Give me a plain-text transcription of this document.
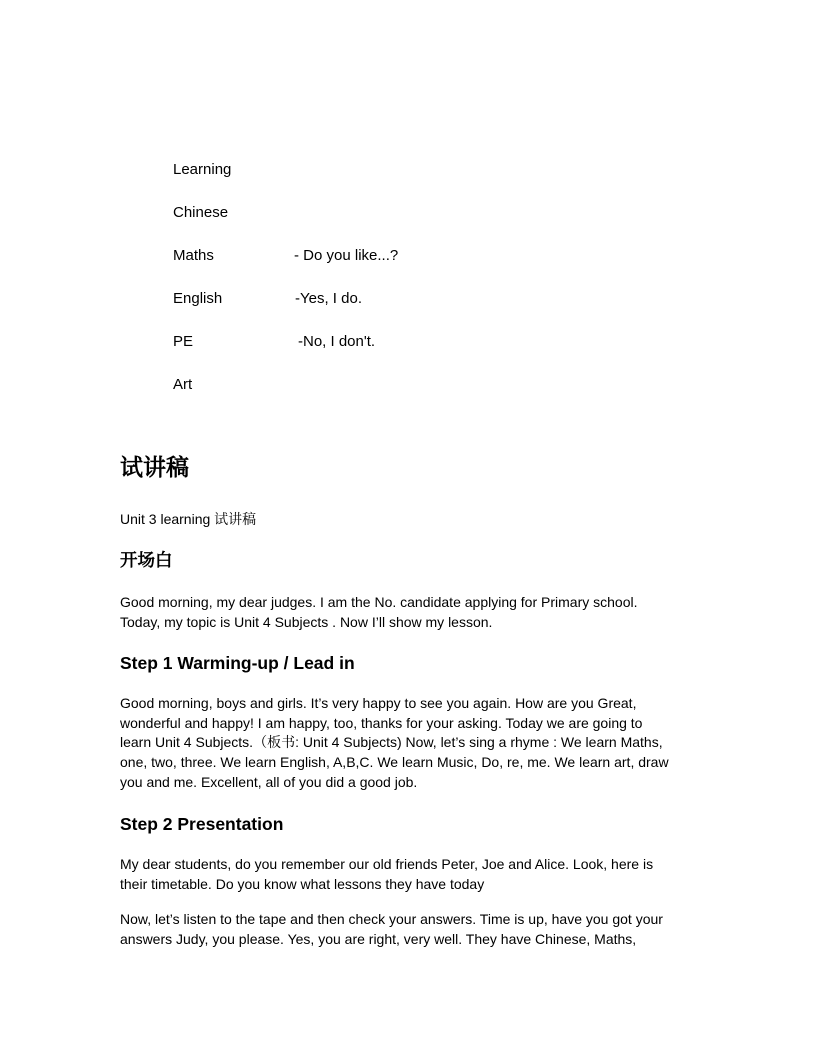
Learning
Chinese
Maths	- Do you like...?
English	-Yes, I do.
PE	-No, I don't.
Art
试讲稿
Unit 3 learning 试讲稿
开场白
Good morning, my dear judges. I am the No. candidate applying for Primary school.
Today, my topic is Unit 4 Subjects . Now I’ll show my lesson.
Step 1 Warming-up / Lead in
Good morning, boys and girls. It’s very happy to see you again. How are you Great,
wonderful and happy! I am happy, too, thanks for your asking. Today we are going to
learn Unit 4 Subjects.（板书: Unit 4 Subjects) Now, let’s sing a rhyme : We learn Maths,
one, two, three. We learn English, A,B,C. We learn Music, Do, re, me. We learn art, draw
you and me. Excellent, all of you did a good job.
Step 2 Presentation
My dear students, do you remember our old friends Peter, Joe and Alice. Look, here is
their timetable. Do you know what lessons they have today
Now, let’s listen to the tape and then check your answers. Time is up, have you got your
answers Judy, you please. Yes, you are right, very well. They have Chinese, Maths,
